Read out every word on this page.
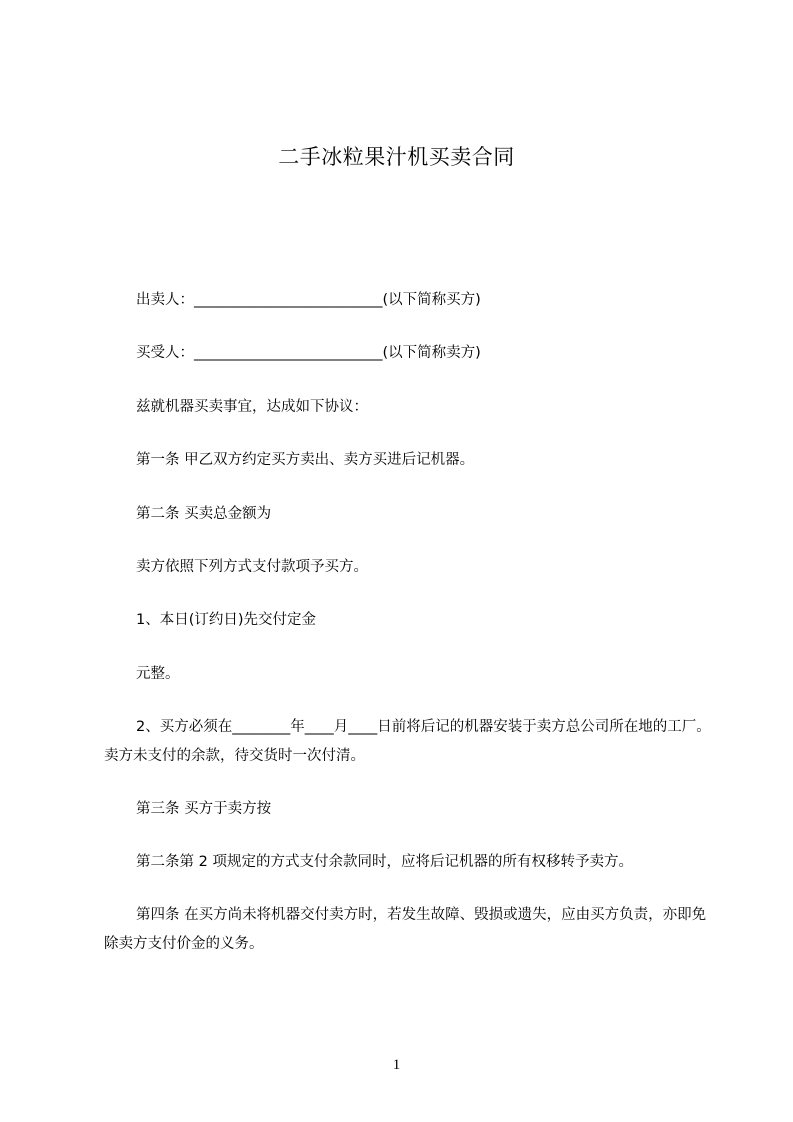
二手冰粒果汁机买卖合同
出卖人：__________________________(以下简称买方)
买受人：__________________________(以下简称卖方)
兹就机器买卖事宜，达成如下协议：
第一条 甲乙双方约定买方卖出、卖方买进后记机器。
第二条 买卖总金额为
卖方依照下列方式支付款项予买方。
1、本日(订约日)先交付定金
元整。
2、买方必须在________年____月____日前将后记的机器安装于卖方总公司所在地的工厂。卖方未支付的余款，待交货时一次付清。
第三条 买方于卖方按
第二条第 2 项规定的方式支付余款同时，应将后记机器的所有权移转予卖方。
第四条 在买方尚未将机器交付卖方时，若发生故障、毁损或遗失，应由买方负责，亦即免除卖方支付价金的义务。
1
